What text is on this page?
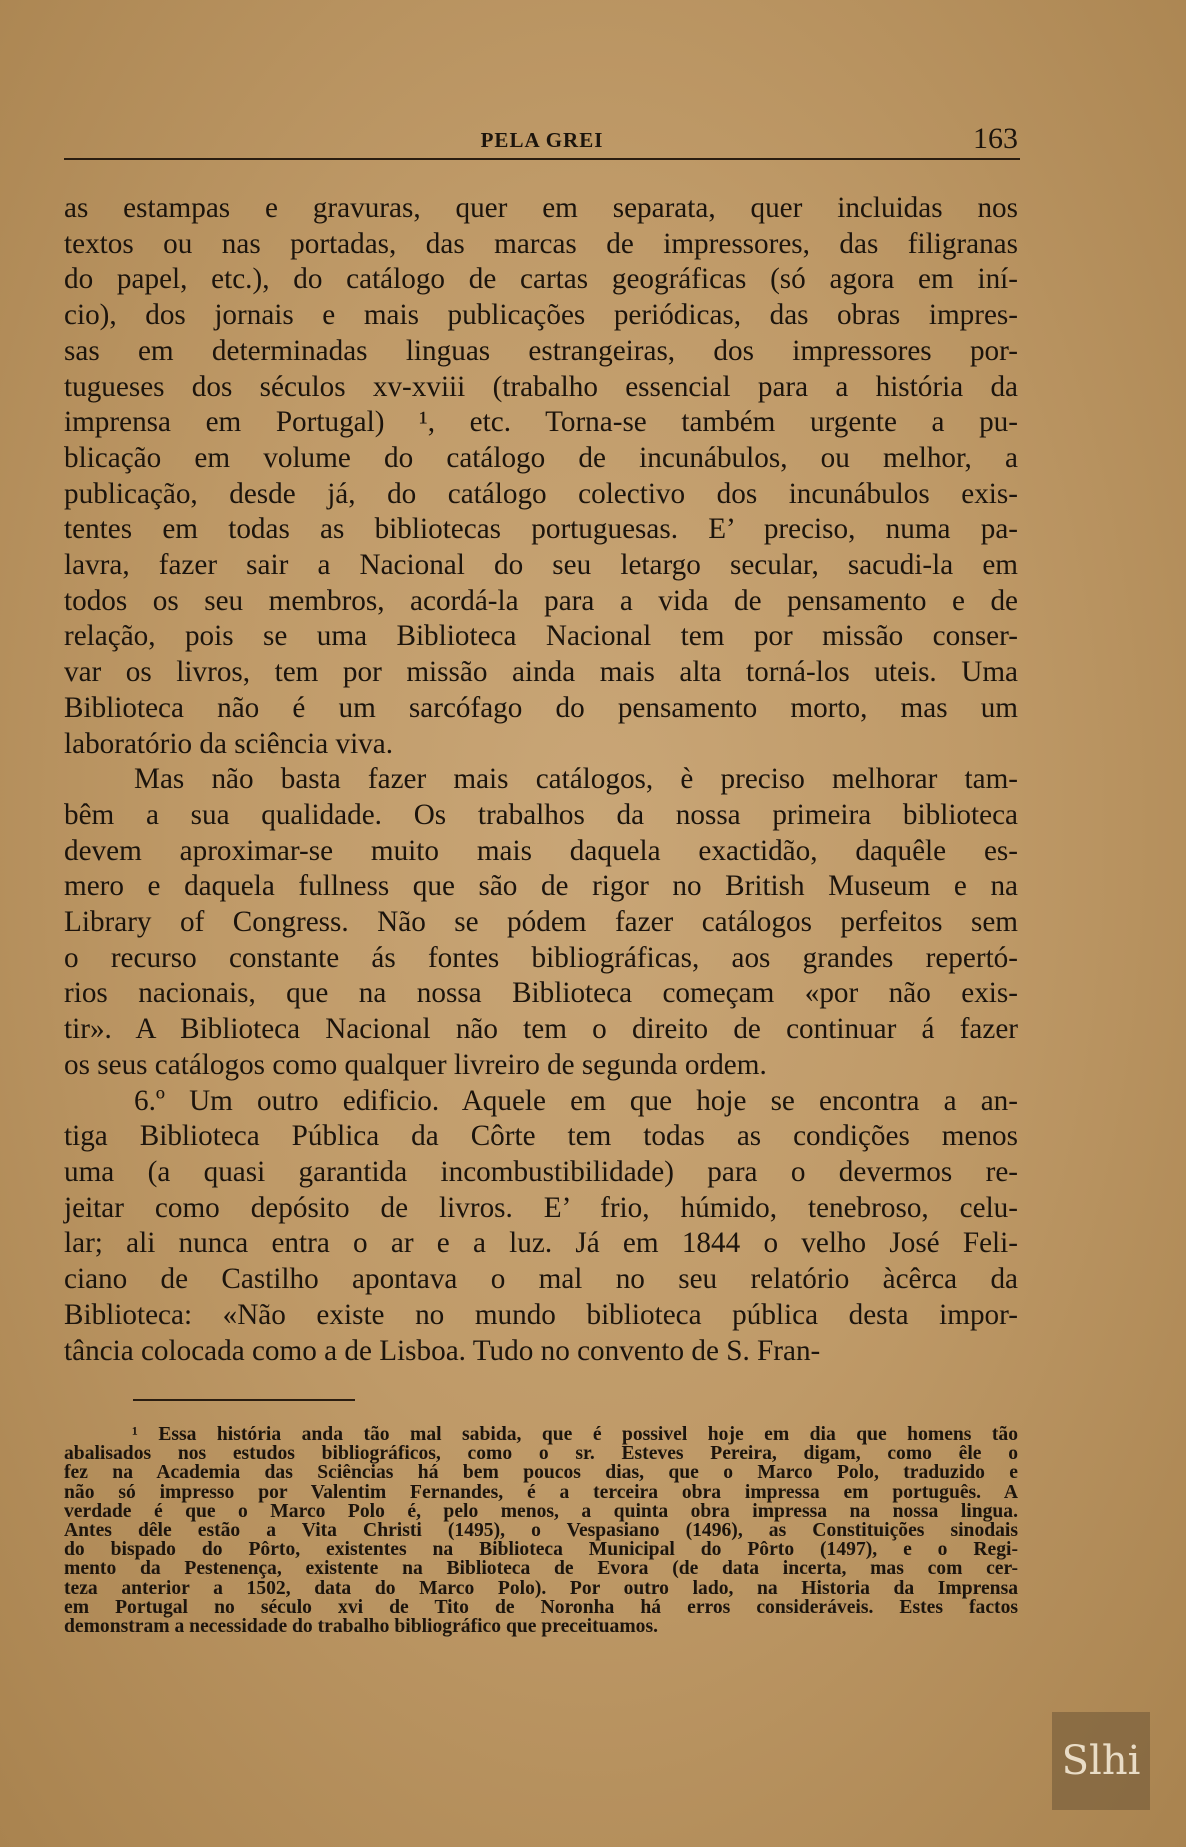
PELA GREI	163
as estampas e gravuras, quer em separata, quer incluidas nos
textos ou nas portadas, das marcas de impressores, das filigranas
do papel, etc.), do catálogo de cartas geográficas (só agora em iní-
cio), dos jornais e mais publicações periódicas, das obras impres-
sas em determinadas linguas estrangeiras, dos impressores por-
tugueses dos séculos xv-xviii (trabalho essencial para a história da
imprensa em Portugal) ¹, etc. Torna-se também urgente a pu-
blicação em volume do catálogo de incunábulos, ou melhor, a
publicação, desde já, do catálogo colectivo dos incunábulos exis-
tentes em todas as bibliotecas portuguesas. E’ preciso, numa pa-
lavra, fazer sair a Nacional do seu letargo secular, sacudi-la em
todos os seu membros, acordá-la para a vida de pensamento e de
relação, pois se uma Biblioteca Nacional tem por missão conser-
var os livros, tem por missão ainda mais alta torná-los uteis. Uma
Biblioteca não é um sarcófago do pensamento morto, mas um
laboratório da sciência viva.
Mas não basta fazer mais catálogos, è preciso melhorar tam-
bêm a sua qualidade. Os trabalhos da nossa primeira biblioteca
devem aproximar-se muito mais daquela exactidão, daquêle es-
mero e daquela fullness que são de rigor no British Museum e na
Library of Congress. Não se pódem fazer catálogos perfeitos sem
o recurso constante ás fontes bibliográficas, aos grandes repertó-
rios nacionais, que na nossa Biblioteca começam «por não exis-
tir». A Biblioteca Nacional não tem o direito de continuar á fazer
os seus catálogos como qualquer livreiro de segunda ordem.
6.º Um outro edificio. Aquele em que hoje se encontra a an-
tiga Biblioteca Pública da Côrte tem todas as condições menos
uma (a quasi garantida incombustibilidade) para o devermos re-
jeitar como depósito de livros. E’ frio, húmido, tenebroso, celu-
lar; ali nunca entra o ar e a luz. Já em 1844 o velho José Feli-
ciano de Castilho apontava o mal no seu relatório àcêrca da
Biblioteca: «Não existe no mundo biblioteca pública desta impor-
tância colocada como a de Lisboa. Tudo no convento de S. Fran-
¹ Essa história anda tão mal sabida, que é possivel hoje em dia que homens tão
abalisados nos estudos bibliográficos, como o sr. Esteves Pereira, digam, como êle o
fez na Academia das Sciências há bem poucos dias, que o Marco Polo, traduzido e
não só impresso por Valentim Fernandes, é a terceira obra impressa em português. A
verdade é que o Marco Polo é, pelo menos, a quinta obra impressa na nossa lingua.
Antes dêle estão a Vita Christi (1495), o Vespasiano (1496), as Constituições sinodais
do bispado do Pôrto, existentes na Biblioteca Municipal do Pôrto (1497), e o Regi-
mento da Pestenença, existente na Biblioteca de Evora (de data incerta, mas com cer-
teza anterior a 1502, data do Marco Polo). Por outro lado, na Historia da Imprensa
em Portugal no século xvi de Tito de Noronha há erros consideráveis. Estes factos
demonstram a necessidade do trabalho bibliográfico que preceituamos.
Slhi
